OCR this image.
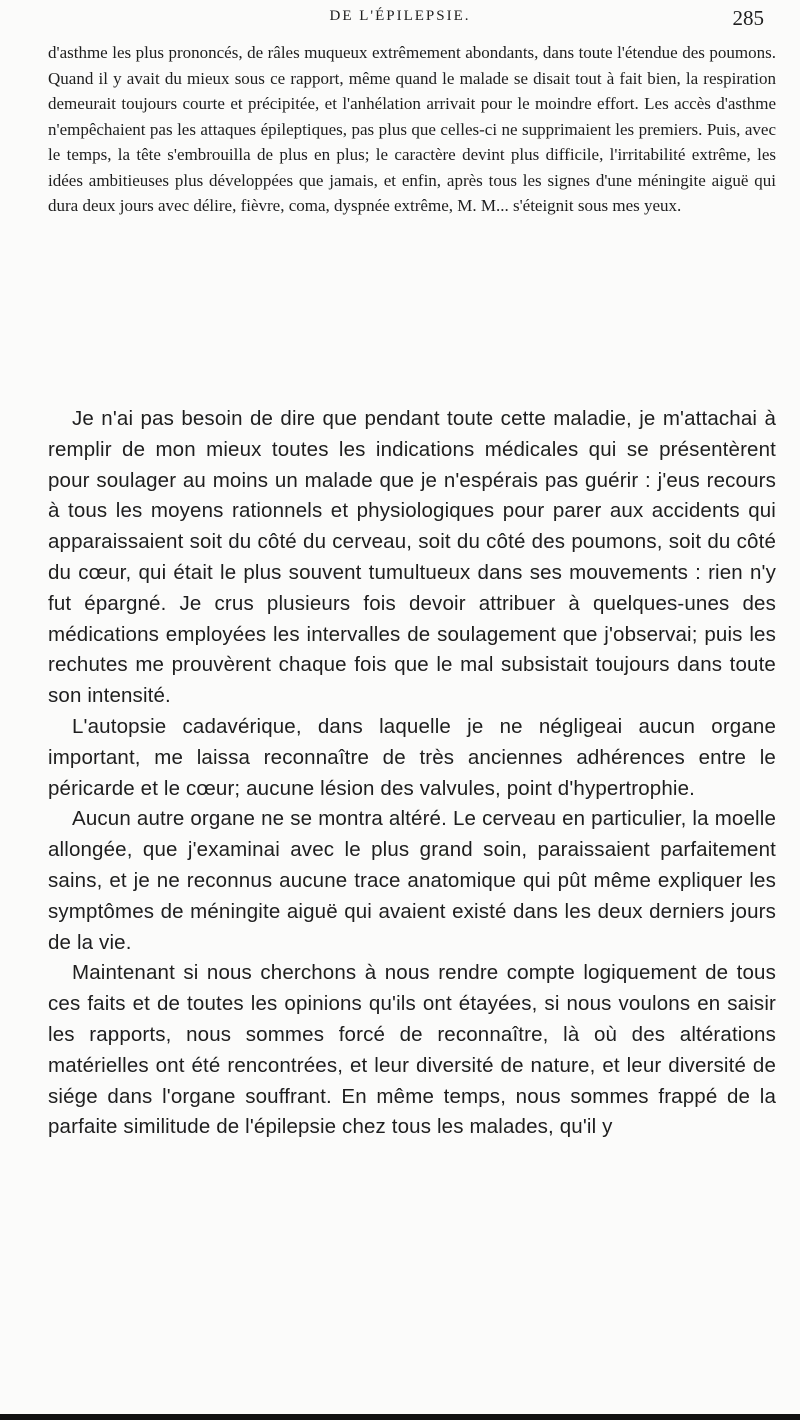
DE L'ÉPILEPSIE.	285

d'asthme les plus prononcés, de râles muqueux extrêmement abondants, dans toute l'étendue des poumons. Quand il y avait du mieux sous ce rapport, même quand le malade se disait tout à fait bien, la respiration demeurait toujours courte et précipitée, et l'anhélation arrivait pour le moindre effort. Les accès d'asthme n'empêchaient pas les attaques épileptiques, pas plus que celles-ci ne supprimaient les premiers. Puis, avec le temps, la tête s'embrouilla de plus en plus; le caractère devint plus difficile, l'irritabilité extrême, les idées ambitieuses plus développées que jamais, et enfin, après tous les signes d'une méningite aiguë qui dura deux jours avec délire, fièvre, coma, dyspnée extrême, M. M... s'éteignit sous mes yeux.

Je n'ai pas besoin de dire que pendant toute cette maladie, je m'attachai à remplir de mon mieux toutes les indications médicales qui se présentèrent pour soulager au moins un malade que je n'espérais pas guérir : j'eus recours à tous les moyens rationnels et physiologiques pour parer aux accidents qui apparaissaient soit du côté du cerveau, soit du côté des poumons, soit du côté du cœur, qui était le plus souvent tumultueux dans ses mouvements : rien n'y fut épargné. Je crus plusieurs fois devoir attribuer à quelques-unes des médications employées les intervalles de soulagement que j'observai; puis les rechutes me prouvèrent chaque fois que le mal subsistait toujours dans toute son intensité.

L'autopsie cadavérique, dans laquelle je ne négligeai aucun organe important, me laissa reconnaître de très anciennes adhérences entre le péricarde et le cœur; aucune lésion des valvules, point d'hypertrophie.

Aucun autre organe ne se montra altéré. Le cerveau en particulier, la moelle allongée, que j'examinai avec le plus grand soin, paraissaient parfaitement sains, et je ne reconnus aucune trace anatomique qui pût même expliquer les symptômes de méningite aiguë qui avaient existé dans les deux derniers jours de la vie.

Maintenant si nous cherchons à nous rendre compte logiquement de tous ces faits et de toutes les opinions qu'ils ont étayées, si nous voulons en saisir les rapports, nous sommes forcé de reconnaître, là où des altérations matérielles ont été rencontrées, et leur diversité de nature, et leur diversité de siége dans l'organe souffrant. En même temps, nous sommes frappé de la parfaite similitude de l'épilepsie chez tous les malades, qu'il y
